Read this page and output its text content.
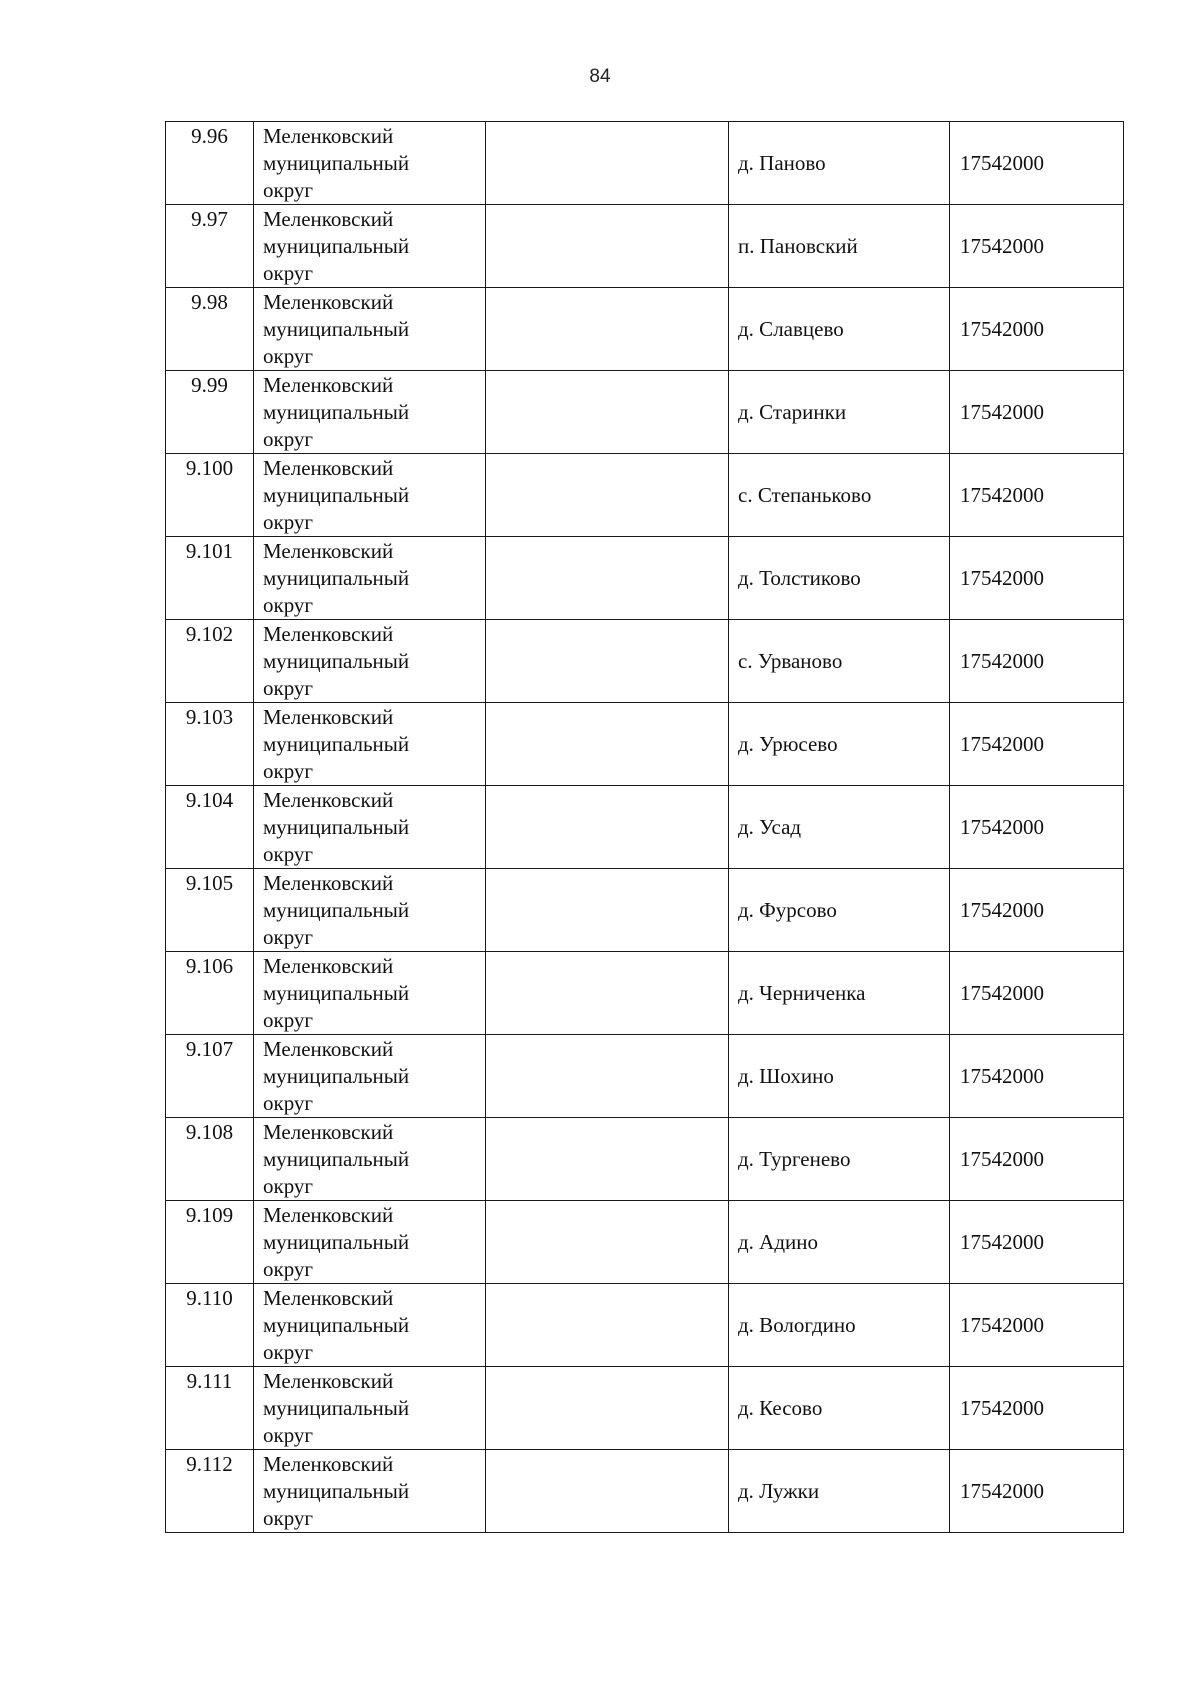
84
9.96	Меленковский
муниципальный
округ		д. Паново	17542000
9.97	Меленковский
муниципальный
округ		п. Пановский	17542000
9.98	Меленковский
муниципальный
округ		д. Славцево	17542000
9.99	Меленковский
муниципальный
округ		д. Старинки	17542000
9.100	Меленковский
муниципальный
округ		с. Степаньково	17542000
9.101	Меленковский
муниципальный
округ		д. Толстиково	17542000
9.102	Меленковский
муниципальный
округ		с. Урваново	17542000
9.103	Меленковский
муниципальный
округ		д. Урюсево	17542000
9.104	Меленковский
муниципальный
округ		д. Усад	17542000
9.105	Меленковский
муниципальный
округ		д. Фурсово	17542000
9.106	Меленковский
муниципальный
округ		д. Черниченка	17542000
9.107	Меленковский
муниципальный
округ		д. Шохино	17542000
9.108	Меленковский
муниципальный
округ		д. Тургенево	17542000
9.109	Меленковский
муниципальный
округ		д. Адино	17542000
9.110	Меленковский
муниципальный
округ		д. Вологдино	17542000
9.111	Меленковский
муниципальный
округ		д. Кесово	17542000
9.112	Меленковский
муниципальный
округ		д. Лужки	17542000
